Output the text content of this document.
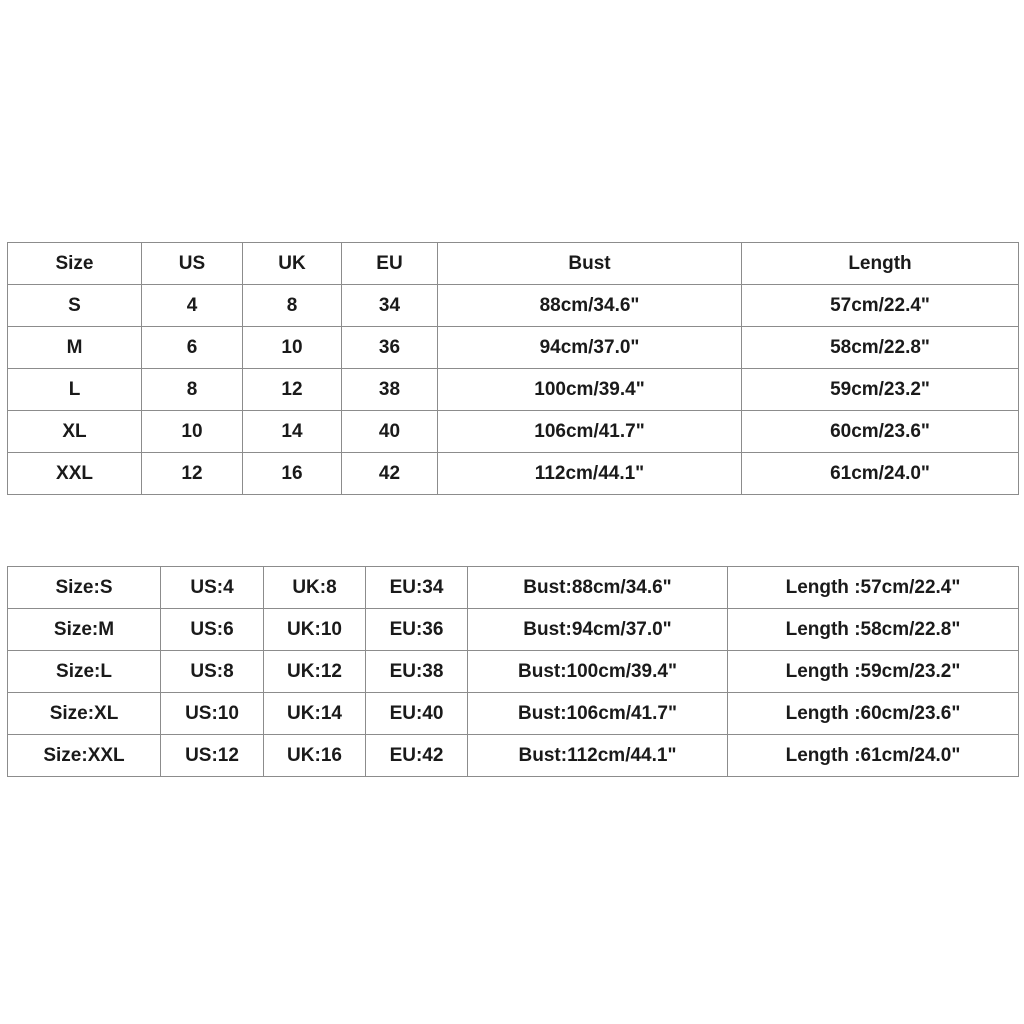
Size	US	UK	EU	Bust	Length
S	4	8	34	88cm/34.6"	57cm/22.4"
M	6	10	36	94cm/37.0"	58cm/22.8"
L	8	12	38	100cm/39.4"	59cm/23.2"
XL	10	14	40	106cm/41.7"	60cm/23.6"
XXL	12	16	42	112cm/44.1"	61cm/24.0"
Size:S	US:4	UK:8	EU:34	Bust:88cm/34.6"	Length :57cm/22.4"
Size:M	US:6	UK:10	EU:36	Bust:94cm/37.0"	Length :58cm/22.8"
Size:L	US:8	UK:12	EU:38	Bust:100cm/39.4"	Length :59cm/23.2"
Size:XL	US:10	UK:14	EU:40	Bust:106cm/41.7"	Length :60cm/23.6"
Size:XXL	US:12	UK:16	EU:42	Bust:112cm/44.1"	Length :61cm/24.0"
